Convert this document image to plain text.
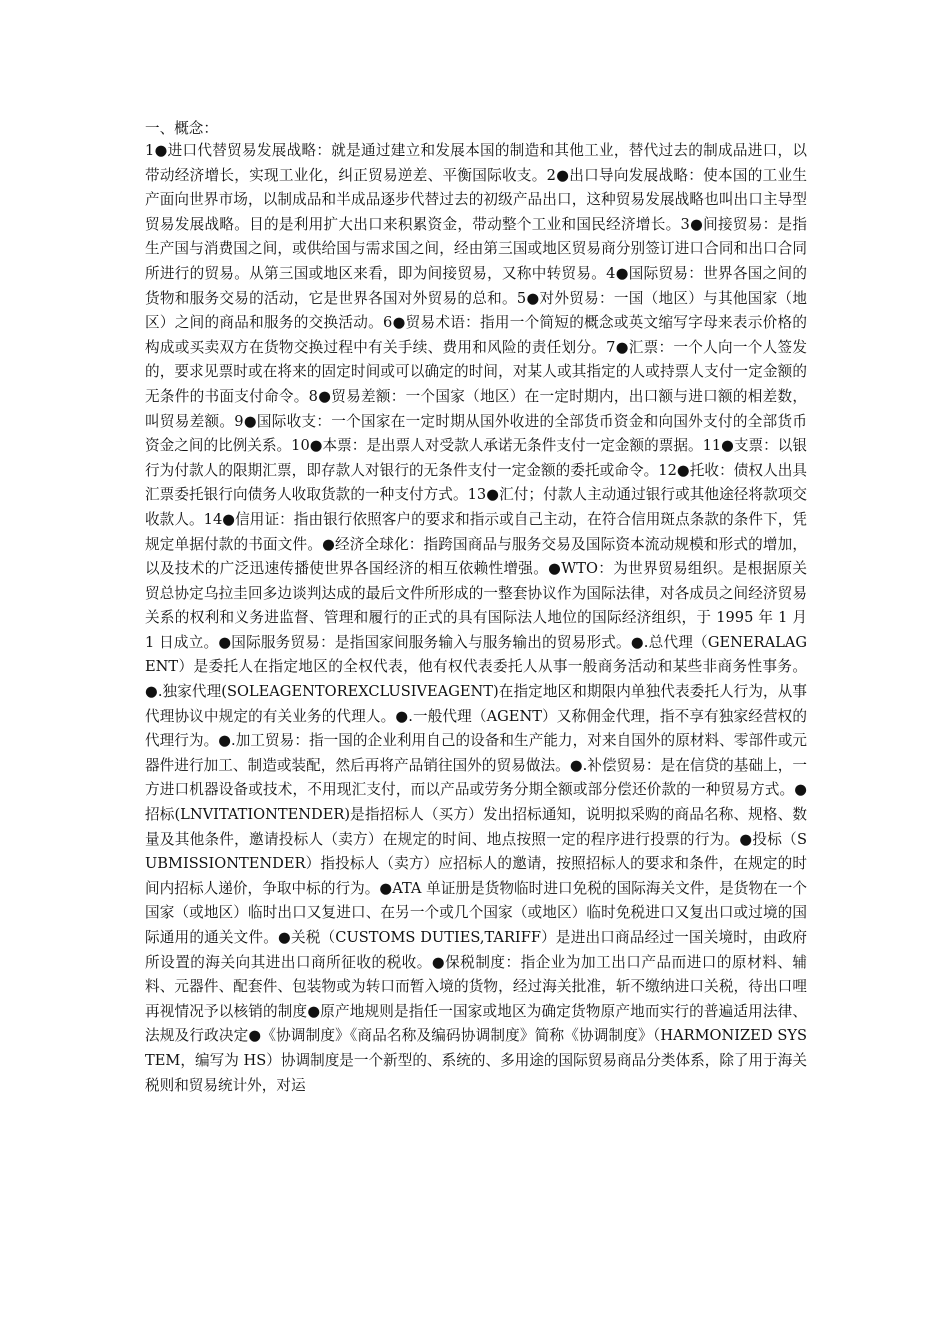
一、概念：
1●进口代替贸易发展战略：就是通过建立和发展本国的制造和其他工业，替代过去的制成品进口，以带动经济增长，实现工业化，纠正贸易逆差、平衡国际收支。2●出口导向发展战略：使本国的工业生产面向世界市场，以制成品和半成品逐步代替过去的初级产品出口，这种贸易发展战略也叫出口主导型贸易发展战略。目的是利用扩大出口来积累资金，带动整个工业和国民经济增长。3●间接贸易：是指生产国与消费国之间，或供给国与需求国之间，经由第三国或地区贸易商分别签订进口合同和出口合同所进行的贸易。从第三国或地区来看，即为间接贸易，又称中转贸易。4●国际贸易：世界各国之间的货物和服务交易的活动，它是世界各国对外贸易的总和。5●对外贸易：一国（地区）与其他国家（地区）之间的商品和服务的交换活动。6●贸易术语：指用一个简短的概念或英文缩写字母来表示价格的构成或买卖双方在货物交换过程中有关手续、费用和风险的责任划分。7●汇票：一个人向一个人签发的，要求见票时或在将来的固定时间或可以确定的时间，对某人或其指定的人或持票人支付一定金额的无条件的书面支付命令。8●贸易差额：一个国家（地区）在一定时期内，出口额与进口额的相差数，叫贸易差额。9●国际收支：一个国家在一定时期从国外收进的全部货币资金和向国外支付的全部货币资金之间的比例关系。10●本票：是出票人对受款人承诺无条件支付一定金额的票据。11●支票：以银行为付款人的限期汇票，即存款人对银行的无条件支付一定金额的委托或命令。12●托收：债权人出具汇票委托银行向债务人收取货款的一种支付方式。13●汇付；付款人主动通过银行或其他途径将款项交收款人。14●信用证：指由银行依照客户的要求和指示或自己主动，在符合信用斑点条款的条件下，凭规定单据付款的书面文件。●经济全球化：指跨国商品与服务交易及国际资本流动规模和形式的增加，以及技术的广泛迅速传播使世界各国经济的相互依赖性增强。●WTO：为世界贸易组织。是根据原关贸总协定乌拉圭回多边谈判达成的最后文件所形成的一整套协议作为国际法律，对各成员之间经济贸易关系的权利和义务进监督、管理和履行的正式的具有国际法人地位的国际经济组织，于 1995 年 1 月 1 日成立。●国际服务贸易：是指国家间服务输入与服务输出的贸易形式。●.总代理（GENERALAGENT）是委托人在指定地区的全权代表，他有权代表委托人从事一般商务活动和某些非商务性事务。●.独家代理(SOLEAGENTOREXCLUSIVEAGENT)在指定地区和期限内单独代表委托人行为，从事代理协议中规定的有关业务的代理人。●.一般代理（AGENT）又称佣金代理，指不享有独家经营权的代理行为。●.加工贸易：指一国的企业利用自己的设备和生产能力，对来自国外的原材料、零部件或元器件进行加工、制造或装配，然后再将产品销往国外的贸易做法。●.补偿贸易：是在信贷的基础上，一方进口机器设备或技术，不用现汇支付，而以产品或劳务分期全额或部分偿还价款的一种贸易方式。●招标(LNVITATIONTENDER)是指招标人（买方）发出招标通知，说明拟采购的商品名称、规格、数量及其他条件，邀请投标人（卖方）在规定的时间、地点按照一定的程序进行投票的行为。●投标（SUBMISSIONTENDER）指投标人（卖方）应招标人的邀请，按照招标人的要求和条件，在规定的时间内招标人递价，争取中标的行为。●ATA 单证册是货物临时进口免税的国际海关文件，是货物在一个国家（或地区）临时出口又复进口、在另一个或几个国家（或地区）临时免税进口又复出口或过境的国际通用的通关文件。●关税（CUSTOMS DUTIES,TARIFF）是进出口商品经过一国关境时，由政府所设置的海关向其进出口商所征收的税收。●保税制度：指企业为加工出口产品而进口的原材料、辅料、元器件、配套件、包装物或为转口而暂入境的货物，经过海关批准，斩不缴纳进口关税，待出口哩再视情况予以核销的制度●原产地规则是指任一国家或地区为确定货物原产地而实行的普遍适用法律、法规及行政决定●《协调制度》《商品名称及编码协调制度》简称《协调制度》（HARMONIZED SYSTEM，编写为 HS）协调制度是一个新型的、系统的、多用途的国际贸易商品分类体系，除了用于海关税则和贸易统计外，对运
